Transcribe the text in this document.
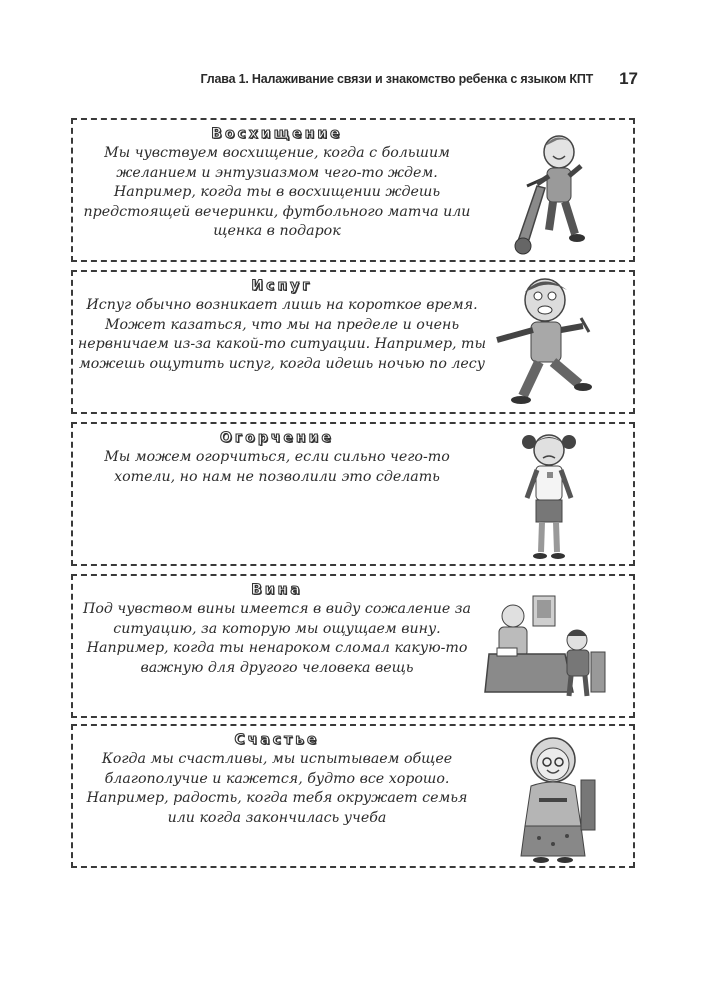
Глава 1. Налаживание связи и знакомство ребенка с языком КПТ 17
Восхищение
Мы чувствуем восхищение, когда с большим желанием и энтузиазмом чего-то ждем. Например, когда ты в восхищении ждешь предстоящей вечеринки, футбольного матча или щенка в подарок
Испуг
Испуг обычно возникает лишь на короткое время. Может казаться, что мы на пределе и очень нервничаем из-за какой-то ситуации. Например, ты можешь ощутить испуг, когда идешь ночью по лесу
Огорчение
Мы можем огорчиться, если сильно чего-то хотели, но нам не позволили это сделать
Вина
Под чувством вины имеется в виду сожаление за ситуацию, за которую мы ощущаем вину. Например, когда ты ненароком сломал какую-то важную для другого человека вещь
Счастье
Когда мы счастливы, мы испытываем общее благополучие и кажется, будто все хорошо. Например, радость, когда тебя окружает семья или когда закончилась учеба
